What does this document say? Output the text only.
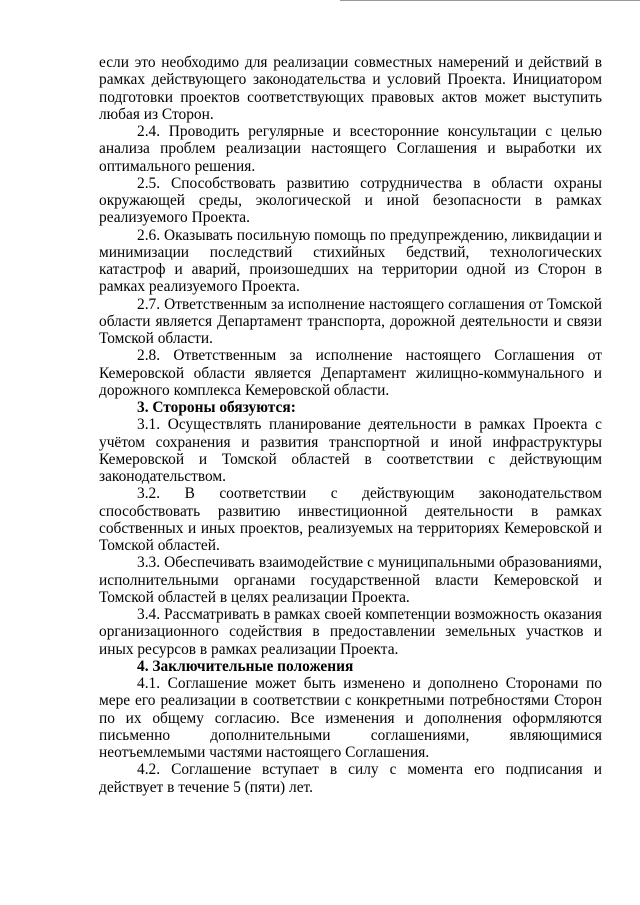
если это необходимо для реализации совместных намерений и действий в рамках действующего законодательства и условий Проекта. Инициатором подготовки проектов соответствующих правовых актов может выступить любая из Сторон.

2.4. Проводить регулярные и всесторонние консультации с целью анализа проблем реализации настоящего Соглашения и выработки их оптимального решения.

2.5. Способствовать развитию сотрудничества в области охраны окружающей среды, экологической и иной безопасности в рамках реализуемого Проекта.

2.6. Оказывать посильную помощь по предупреждению, ликвидации и минимизации последствий стихийных бедствий, технологических катастроф и аварий, произошедших на территории одной из Сторон в рамках реализуемого Проекта.

2.7. Ответственным за исполнение настоящего соглашения от Томской области является Департамент транспорта, дорожной деятельности и связи Томской области.

2.8. Ответственным за исполнение настоящего Соглашения от Кемеровской области является Департамент жилищно-коммунального и дорожного комплекса Кемеровской области.

3. Стороны обязуются:

3.1. Осуществлять планирование деятельности в рамках Проекта с учётом сохранения и развития транспортной и иной инфраструктуры Кемеровской и Томской областей в соответствии с действующим законодательством.

3.2. В соответствии с действующим законодательством способствовать развитию инвестиционной деятельности в рамках собственных и иных проектов, реализуемых на территориях Кемеровской и Томской областей.

3.3. Обеспечивать взаимодействие с муниципальными образованиями, исполнительными органами государственной власти Кемеровской и Томской областей в целях реализации Проекта.

3.4. Рассматривать в рамках своей компетенции возможность оказания организационного содействия в предоставлении земельных участков и иных ресурсов в рамках реализации Проекта.

4. Заключительные положения

4.1. Соглашение может быть изменено и дополнено Сторонами по мере его реализации в соответствии с конкретными потребностями Сторон по их общему согласию. Все изменения и дополнения оформляются письменно дополнительными соглашениями, являющимися неотъемлемыми частями настоящего Соглашения.

4.2. Соглашение вступает в силу с момента его подписания и действует в течение 5 (пяти) лет.
